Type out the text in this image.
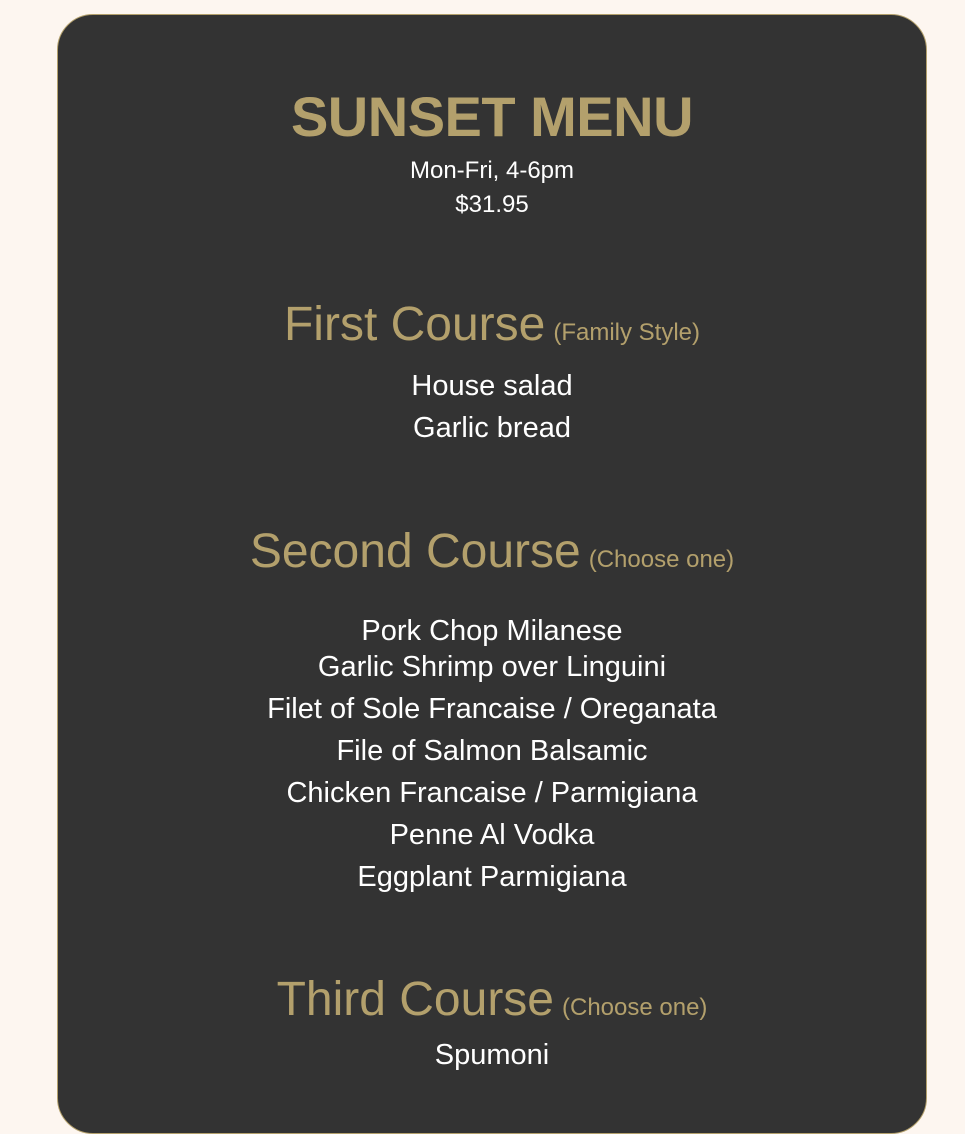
SUNSET MENU
Mon-Fri, 4-6pm
$31.95
First Course (Family Style)
House salad
Garlic bread
Second Course (Choose one)
Pork Chop Milanese
Garlic Shrimp over Linguini
Filet of Sole Francaise / Oreganata
File of Salmon Balsamic
Chicken Francaise / Parmigiana
Penne Al Vodka
Eggplant Parmigiana
Third Course (Choose one)
Spumoni
